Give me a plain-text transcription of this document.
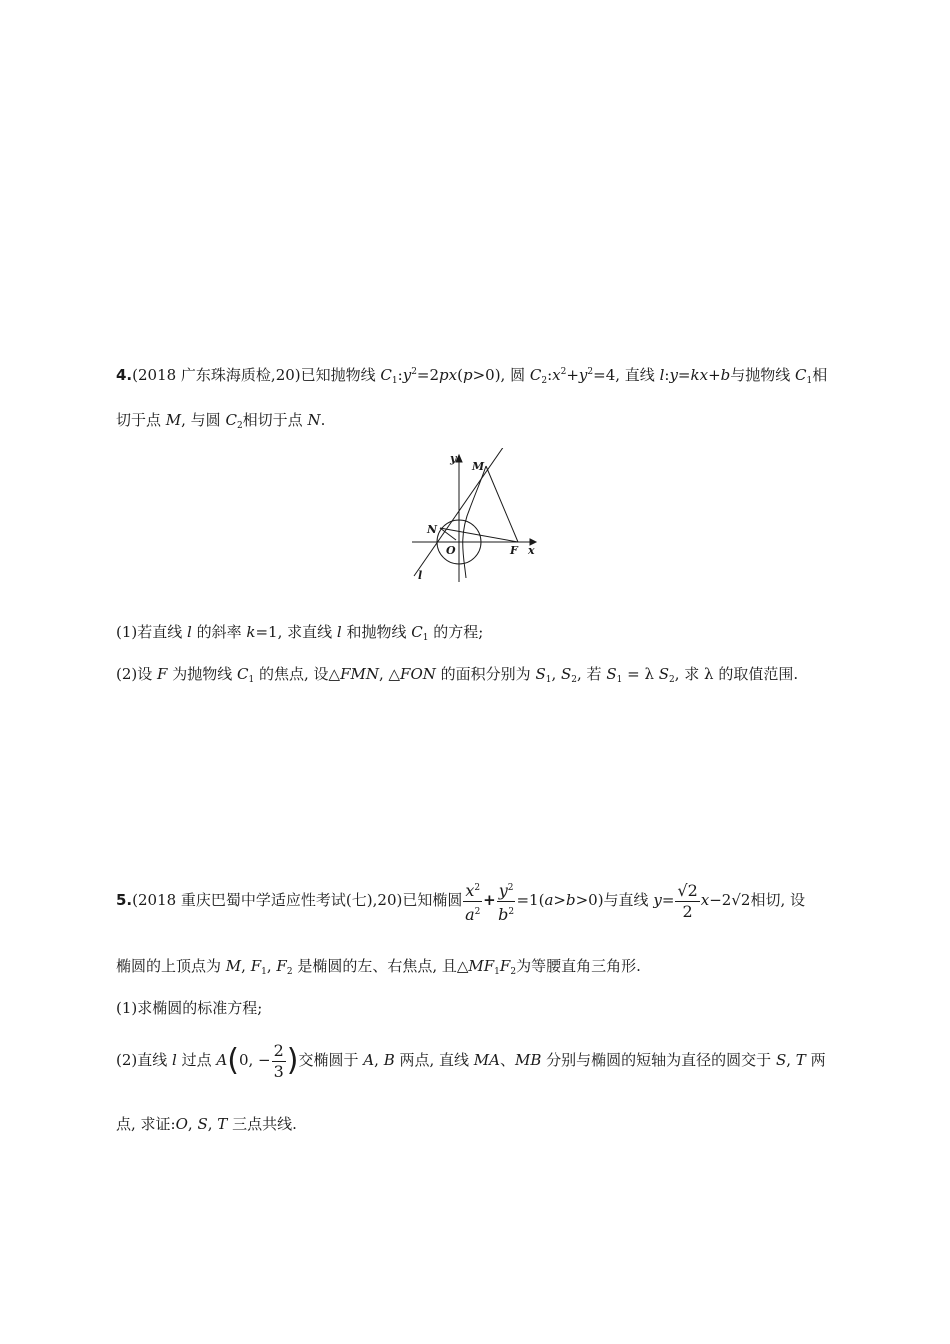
4.(2018 广东珠海质检,20)已知抛物线 $C_1:y^2=2px(p>0)$, 圆 $C_2:x^2+y^2=4$, 直线 l:y=kx+b与抛物线 $C_1$相
切于点 M, 与圆 $C_2$相切于点 N.
y
M
N
O	F x
l
(1)若直线 l 的斜率 k=1, 求直线 l 和抛物线 $C_1$ 的方程;
(2)设 F 为抛物线 $C_1$ 的焦点, 设△FMN, △FON 的面积分别为 $S_1$, $S_2$, 若 $S_1 = \lambda$ $S_2$, 求 λ 的取值范围.
5.(2018 重庆巴蜀中学适应性考试(七),20)已知椭圆 $\frac{x^2}{a^2} + \frac{y^2}{b^2} =1(a>b>0)$与直线 $y= \frac{√2}{2} x-2√2$相切, 设
椭圆的上顶点为 M, $F_1$, $F_2$ 是椭圆的左、右焦点, 且$\triangle MF_1F_2$为等腰直角三角形.
(1)求椭圆的标准方程;
(2)直线 l 过点 A(0, − $\frac{2}{3}$ )交椭圆于 A, B 两点, 直线 MA、MB 分别与椭圆的短轴为直径的圆交于 S, T 两
点, 求证:O, S, T 三点共线.
